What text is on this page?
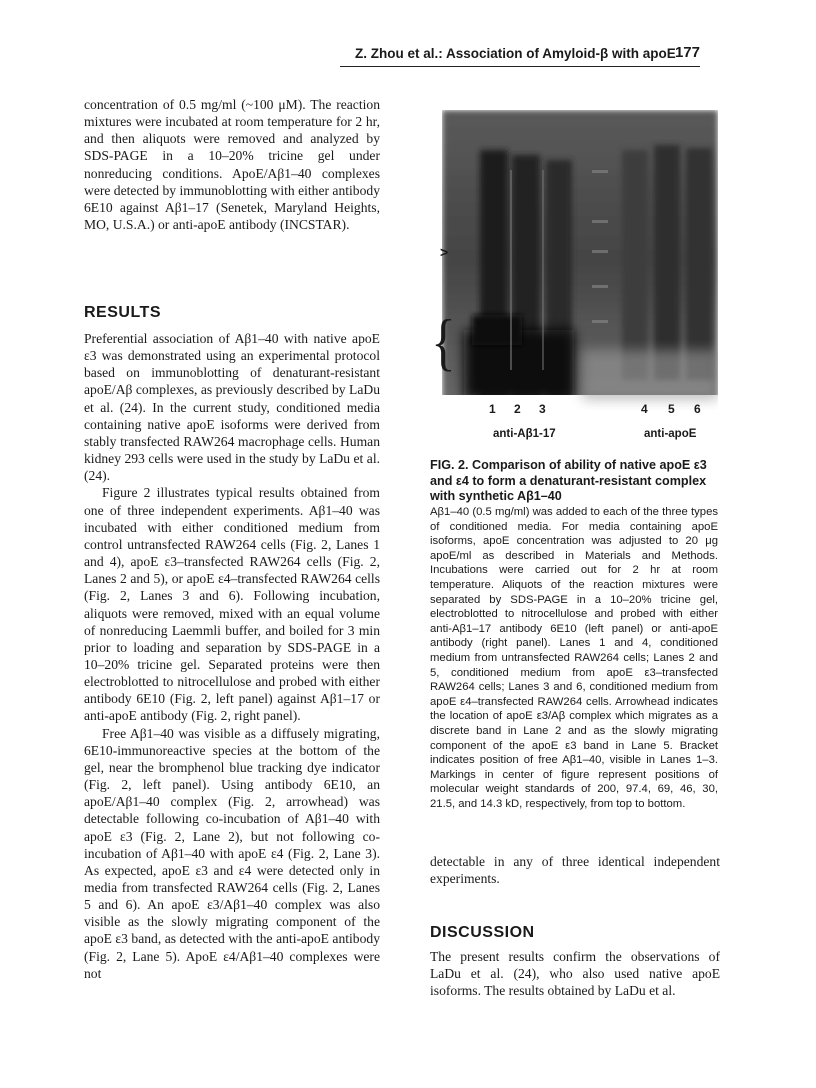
Z. Zhou et al.: Association of Amyloid-β with apoE 177

concentration of 0.5 mg/ml (~100 μM). The reaction mixtures were incubated at room temperature for 2 hr, and then aliquots were removed and analyzed by SDS-PAGE in a 10–20% tricine gel under nonreducing conditions. ApoE/Aβ1–40 complexes were detected by immunoblotting with either antibody 6E10 against Aβ1–17 (Senetek, Maryland Heights, MO, U.S.A.) or anti-apoE antibody (INCSTAR).

RESULTS

Preferential association of Aβ1–40 with native apoE ε3 was demonstrated using an experimental protocol based on immunoblotting of denaturant-resistant apoE/Aβ complexes, as previously described by LaDu et al. (24). In the current study, conditioned media containing native apoE isoforms were derived from stably transfected RAW264 macrophage cells. Human kidney 293 cells were used in the study by LaDu et al. (24).

Figure 2 illustrates typical results obtained from one of three independent experiments. Aβ1–40 was incubated with either conditioned medium from control untransfected RAW264 cells (Fig. 2, Lanes 1 and 4), apoE ε3–transfected RAW264 cells (Fig. 2, Lanes 2 and 5), or apoE ε4–transfected RAW264 cells (Fig. 2, Lanes 3 and 6). Following incubation, aliquots were removed, mixed with an equal volume of nonreducing Laemmli buffer, and boiled for 3 min prior to loading and separation by SDS-PAGE in a 10–20% tricine gel. Separated proteins were then electroblotted to nitrocellulose and probed with either antibody 6E10 (Fig. 2, left panel) against Aβ1–17 or anti-apoE antibody (Fig. 2, right panel).

Free Aβ1–40 was visible as a diffusely migrating, 6E10-immunoreactive species at the bottom of the gel, near the bromphenol blue tracking dye indicator (Fig. 2, left panel). Using antibody 6E10, an apoE/Aβ1–40 complex (Fig. 2, arrowhead) was detectable following co-incubation of Aβ1–40 with apoE ε3 (Fig. 2, Lane 2), but not following co-incubation of Aβ1–40 with apoE ε4 (Fig. 2, Lane 3). As expected, apoE ε3 and ε4 were detected only in media from transfected RAW264 cells (Fig. 2, Lanes 5 and 6). An apoE ε3/Aβ1–40 complex was also visible as the slowly migrating component of the apoE ε3 band, as detected with the anti-apoE antibody (Fig. 2, Lane 5). ApoE ε4/Aβ1–40 complexes were not

>
{
1 2 3	4 5 6
anti-Aβ1-17	anti-apoE
FIG. 2. Comparison of ability of native apoE ε3 and ε4 to form a denaturant-resistant complex with synthetic Aβ1–40
Aβ1–40 (0.5 mg/ml) was added to each of the three types of conditioned media. For media containing apoE isoforms, apoE concentration was adjusted to 20 μg apoE/ml as described in Materials and Methods. Incubations were carried out for 2 hr at room temperature. Aliquots of the reaction mixtures were separated by SDS-PAGE in a 10–20% tricine gel, electroblotted to nitrocellulose and probed with either anti-Aβ1–17 antibody 6E10 (left panel) or anti-apoE antibody (right panel). Lanes 1 and 4, conditioned medium from untransfected RAW264 cells; Lanes 2 and 5, conditioned medium from apoE ε3–transfected RAW264 cells; Lanes 3 and 6, conditioned medium from apoE ε4–transfected RAW264 cells. Arrowhead indicates the location of apoE ε3/Aβ complex which migrates as a discrete band in Lane 2 and as the slowly migrating component of the apoE ε3 band in Lane 5. Bracket indicates position of free Aβ1–40, visible in Lanes 1–3. Markings in center of figure represent positions of molecular weight standards of 200, 97.4, 69, 46, 30, 21.5, and 14.3 kD, respectively, from top to bottom.

detectable in any of three identical independent experiments.

DISCUSSION

The present results confirm the observations of LaDu et al. (24), who also used native apoE isoforms. The results obtained by LaDu et al.
